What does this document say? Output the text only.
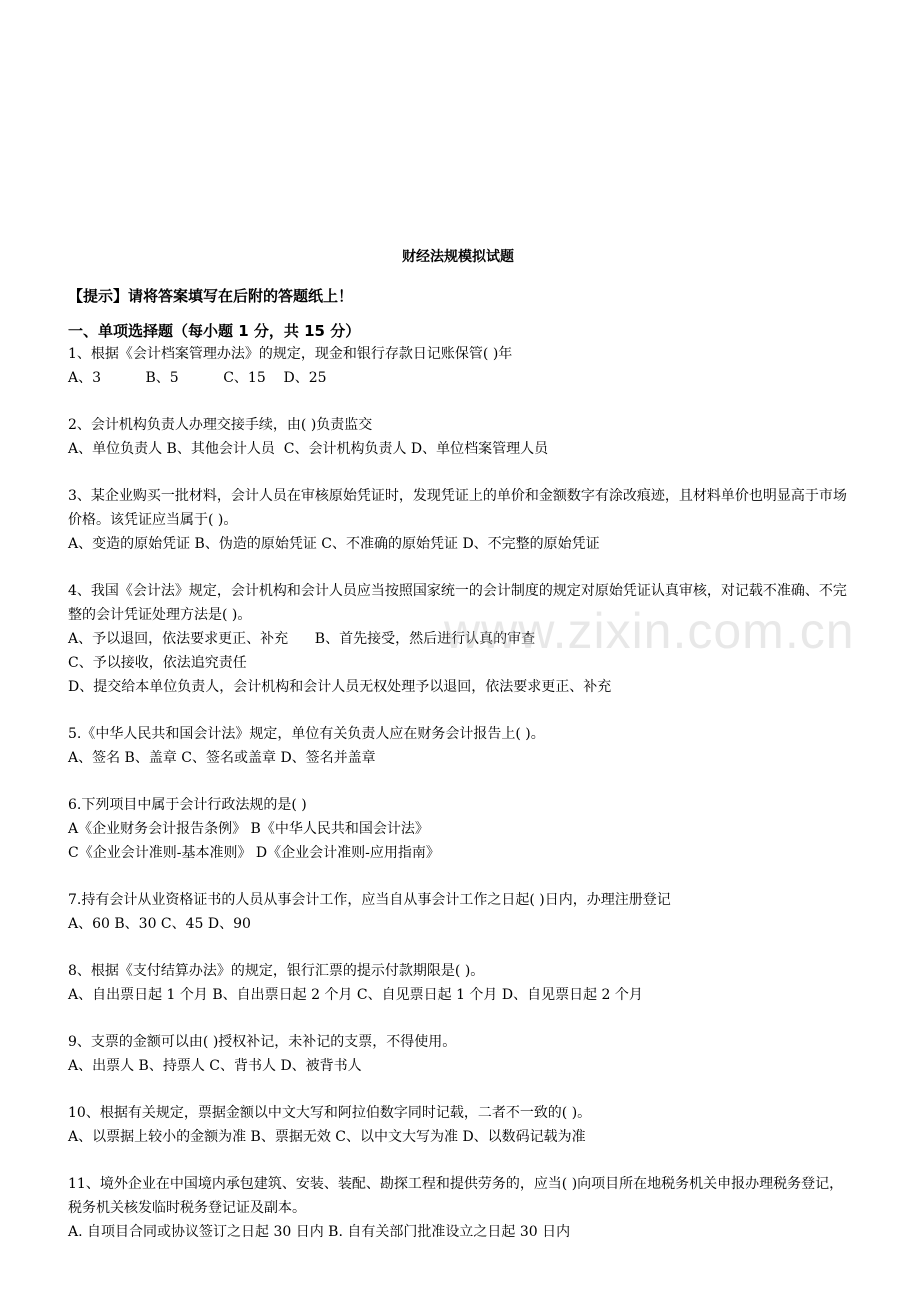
财经法规模拟试题
【提示】请将答案填写在后附的答题纸上！
一、单项选择题（每小题 1 分，共 15 分）
1、根据《会计档案管理办法》的规定，现金和银行存款日记账保管( )年
A、3          B、5          C、15    D、25
2、会计机构负责人办理交接手续，由( )负责监交
A、单位负责人 B、其他会计人员  C、会计机构负责人 D、单位档案管理人员
3、某企业购买一批材料，会计人员在审核原始凭证时，发现凭证上的单价和金额数字有涂改痕迹，且材料单价也明显高于市场价格。该凭证应当属于( )。
A、变造的原始凭证 B、伪造的原始凭证 C、不准确的原始凭证 D、不完整的原始凭证
4、我国《会计法》规定，会计机构和会计人员应当按照国家统一的会计制度的规定对原始凭证认真审核，对记载不准确、不完整的会计凭证处理方法是( )。
A、予以退回，依法要求更正、补充      B、首先接受，然后进行认真的审查
C、予以接收，依法追究责任
D、提交给本单位负责人，会计机构和会计人员无权处理予以退回，依法要求更正、补充
5.《中华人民共和国会计法》规定，单位有关负责人应在财务会计报告上( )。
A、签名 B、盖章 C、签名或盖章 D、签名并盖章
6.下列项目中属于会计行政法规的是( )
A《企业财务会计报告条例》 B《中华人民共和国会计法》
C《企业会计准则-基本准则》 D《企业会计准则-应用指南》
7.持有会计从业资格证书的人员从事会计工作，应当自从事会计工作之日起( )日内，办理注册登记
A、60 B、30 C、45 D、90
8、根据《支付结算办法》的规定，银行汇票的提示付款期限是( )。
A、自出票日起 1 个月 B、自出票日起 2 个月 C、自见票日起 1 个月 D、自见票日起 2 个月
9、支票的金额可以由( )授权补记，未补记的支票，不得使用。
A、出票人 B、持票人 C、背书人 D、被背书人
10、根据有关规定，票据金额以中文大写和阿拉伯数字同时记载，二者不一致的( )。
A、以票据上较小的金额为准 B、票据无效 C、以中文大写为准 D、以数码记载为准
11、境外企业在中国境内承包建筑、安装、装配、勘探工程和提供劳务的，应当( )向项目所在地税务机关申报办理税务登记，税务机关核发临时税务登记证及副本。
A. 自项目合同或协议签订之日起 30 日内 B. 自有关部门批准设立之日起 30 日内
www.zixin.com.cn
